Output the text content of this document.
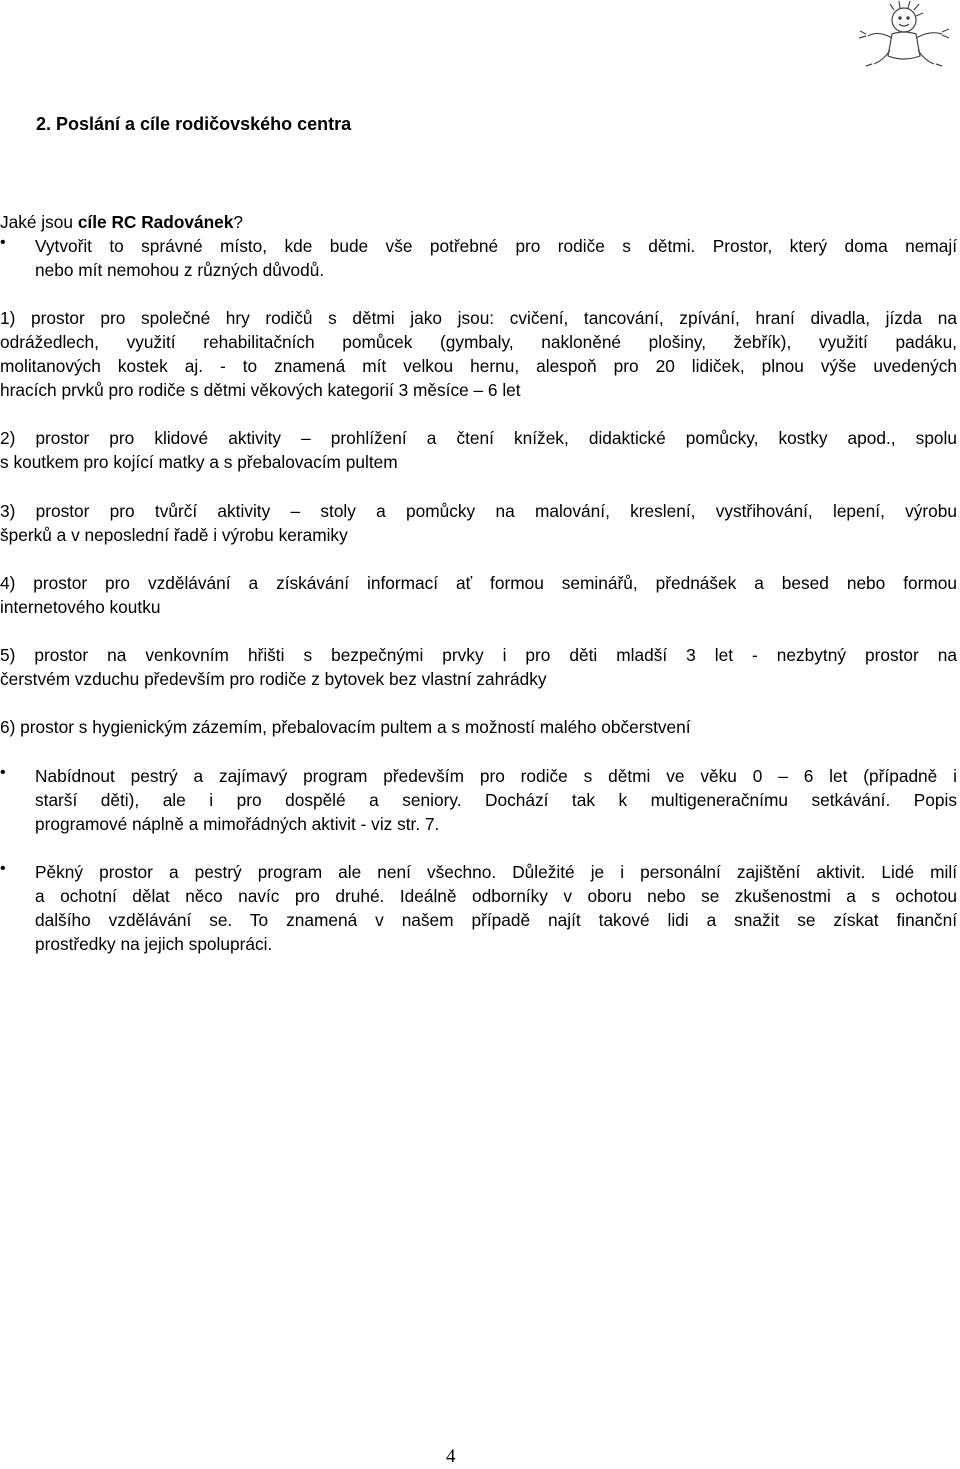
2. Poslání a cíle rodičovského centra
Jaké jsou cíle RC Radovánek?
• Vytvořit to správné místo, kde bude vše potřebné pro rodiče s dětmi. Prostor, který doma nemají
nebo mít nemohou z různých důvodů.
1) prostor pro společné hry rodičů s dětmi jako jsou: cvičení, tancování, zpívání, hraní divadla, jízda na
odrážedlech, využití rehabilitačních pomůcek (gymbaly, nakloněné plošiny, žebřík), využití padáku,
molitanových kostek aj. - to znamená mít velkou hernu, alespoň pro 20 lidiček, plnou výše uvedených
hracích prvků pro rodiče s dětmi věkových kategorií 3 měsíce – 6 let
2) prostor pro klidové aktivity – prohlížení a čtení knížek, didaktické pomůcky, kostky apod., spolu
s koutkem pro kojící matky a s přebalovacím pultem
3) prostor pro tvůrčí aktivity – stoly a pomůcky na malování, kreslení, vystřihování, lepení, výrobu
šperků a v neposlední řadě i výrobu keramiky
4) prostor pro vzdělávání a získávání informací ať formou seminářů, přednášek a besed nebo formou
internetového koutku
5) prostor na venkovním hřišti s bezpečnými prvky i pro děti mladší 3 let - nezbytný prostor na
čerstvém vzduchu především pro rodiče z bytovek bez vlastní zahrádky
6) prostor s hygienickým zázemím, přebalovacím pultem a s možností malého občerstvení
• Nabídnout pestrý a zajímavý program především pro rodiče s dětmi ve věku 0 – 6 let (případně i
starší děti), ale i pro dospělé a seniory. Dochází tak k multigeneračnímu setkávání. Popis
programové náplně a mimořádných aktivit - viz str. 7.
• Pěkný prostor a pestrý program ale není všechno. Důležité je i personální zajištění aktivit. Lidé milí
a ochotní dělat něco navíc pro druhé. Ideálně odborníky v oboru nebo se zkušenostmi a s ochotou
dalšího vzdělávání se. To znamená v našem případě najít takové lidi a snažit se získat finanční
prostředky na jejich spolupráci.
4
